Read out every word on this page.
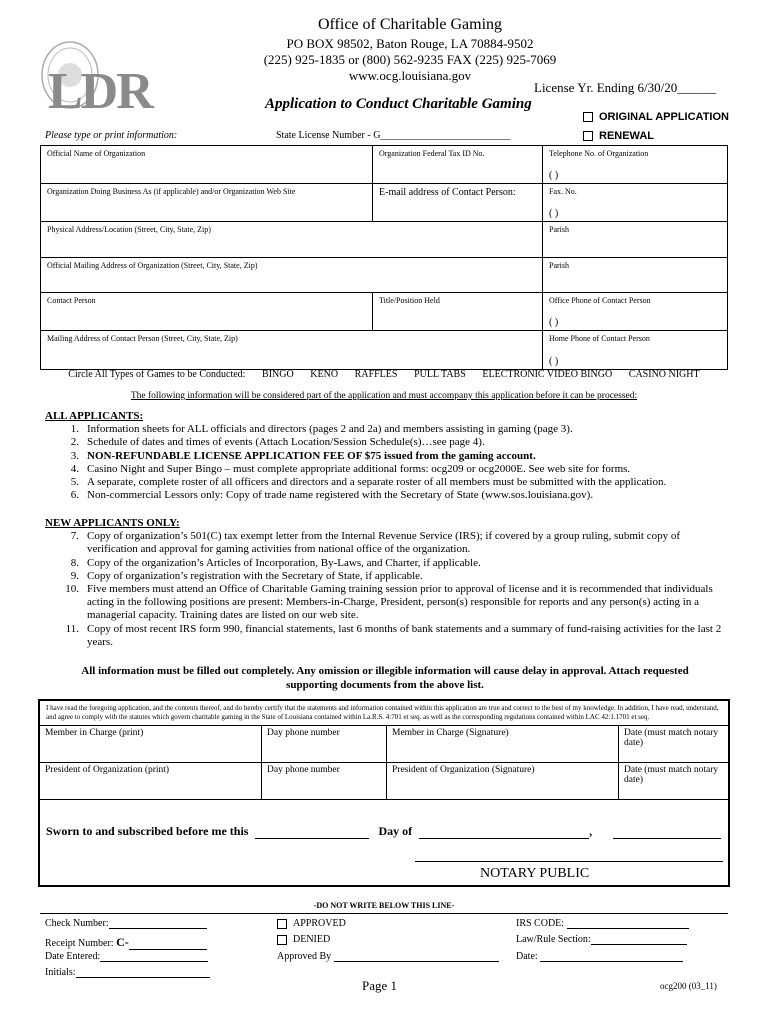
LDR
Office of Charitable Gaming
PO BOX 98502, Baton Rouge, LA 70884-9502
(225) 925-1835 or (800) 562-9235 FAX (225) 925-7069
www.ocg.louisiana.gov
License Yr. Ending 6/30/20______
Application to Conduct Charitable Gaming
ORIGINAL APPLICATION
RENEWAL
Please type or print information:	State License Number - G__________________________
Official Name of Organization	Organization Federal Tax ID No.	Telephone No. of Organization
( )
Organization Doing Business As (if applicable) and/or Organization Web Site	E-mail address of Contact Person:	Fax. No.
( )
Physical Address/Location (Street, City, State, Zip)	Parish
Official Mailing Address of Organization (Street, City, State, Zip)	Parish
Contact Person	Title/Position Held	Office Phone of Contact Person
( )
Mailing Address of Contact Person (Street, City, State, Zip)	Home Phone of Contact Person
( )
Circle All Types of Games to be Conducted: BINGO KENO RAFFLES PULL TABS ELECTRONIC VIDEO BINGO CASINO NIGHT
The following information will be considered part of the application and must accompany this application before it can be processed:
ALL APPLICANTS:
1. Information sheets for ALL officials and directors (pages 2 and 2a) and members assisting in gaming (page 3).
2. Schedule of dates and times of events (Attach Location/Session Schedule(s)…see page 4).
3. NON-REFUNDABLE LICENSE APPLICATION FEE OF $75 issued from the gaming account.
4. Casino Night and Super Bingo – must complete appropriate additional forms: ocg209 or ocg2000E. See web site for forms.
5. A separate, complete roster of all officers and directors and a separate roster of all members must be submitted with the application.
6. Non-commercial Lessors only: Copy of trade name registered with the Secretary of State (www.sos.louisiana.gov).
NEW APPLICANTS ONLY:
7. Copy of organization’s 501(C) tax exempt letter from the Internal Revenue Service (IRS); if covered by a group ruling, submit copy of verification and approval for gaming activities from national office of the organization.
8. Copy of the organization’s Articles of Incorporation, By-Laws, and Charter, if applicable.
9. Copy of organization’s registration with the Secretary of State, if applicable.
10. Five members must attend an Office of Charitable Gaming training session prior to approval of license and it is recommended that individuals acting in the following positions are present: Members-in-Charge, President, person(s) responsible for reports and any person(s) acting in a managerial capacity. Training dates are listed on our web site.
11. Copy of most recent IRS form 990, financial statements, last 6 months of bank statements and a summary of fund-raising activities for the last 2 years.
All information must be filled out completely. Any omission or illegible information will cause delay in approval. Attach requested supporting documents from the above list.
I have read the foregoing application, and the contents thereof, and do hereby certify that the statements and information contained within this application are true and correct to the best of my knowledge. In addition, I have read, understand, and agree to comply with the statutes which govern charitable gaming in the State of Louisiana contained within La.R.S. 4:701 et seq. as well as the corresponding regulations contained within LAC 42:1.1701 et seq.
Member in Charge (print)	Day phone number	Member in Charge (Signature)	Date (must match notary date)
President of Organization (print)	Day phone number	President of Organization (Signature)	Date (must match notary date)
Sworn to and subscribed before me this	Day of	,
NOTARY PUBLIC
-DO NOT WRITE BELOW THIS LINE-
Check Number:
Receipt Number: C-
Date Entered:
Initials:
APPROVED
DENIED
Approved By
IRS CODE:
Law/Rule Section:
Date:
Page 1	ocg200 (03_11)
